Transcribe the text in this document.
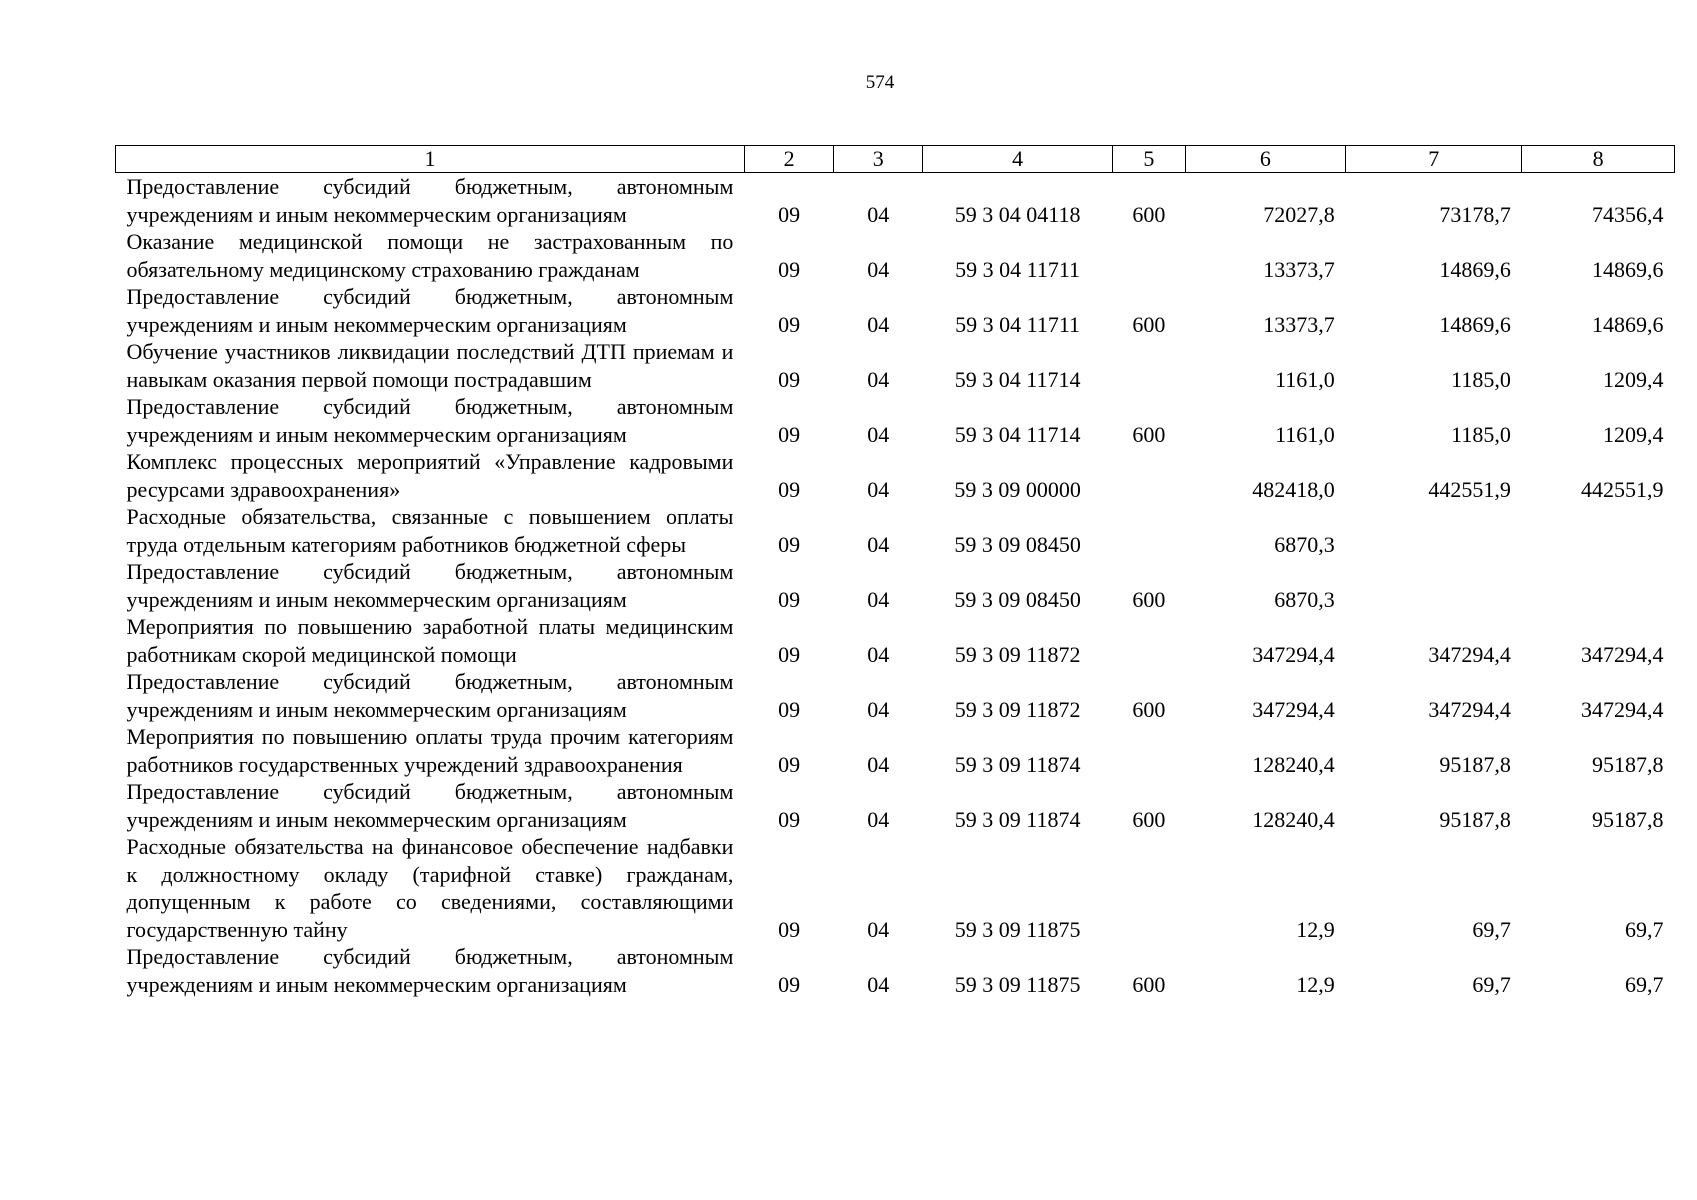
574
1	2	3	4	5	6	7	8
Предоставление субсидий бюджетным, автономным учреждениям и иным некоммерческим организациям	09	04	59 3 04 04118	600	72027,8	73178,7	74356,4
Оказание медицинской помощи не застрахованным по обязательному медицинскому страхованию гражданам	09	04	59 3 04 11711		13373,7	14869,6	14869,6
Предоставление субсидий бюджетным, автономным учреждениям и иным некоммерческим организациям	09	04	59 3 04 11711	600	13373,7	14869,6	14869,6
Обучение участников ликвидации последствий ДТП приемам и навыкам оказания первой помощи пострaдавшим	09	04	59 3 04 11714		1161,0	1185,0	1209,4
Предоставление субсидий бюджетным, автономным учреждениям и иным некоммерческим организациям	09	04	59 3 04 11714	600	1161,0	1185,0	1209,4
Комплекс процессных мероприятий «Управление кадровыми ресурсами здравоохранения»	09	04	59 3 09 00000		482418,0	442551,9	442551,9
Расходные обязательства, связанные с повышением оплаты труда отдельным категориям работников бюджетной сферы	09	04	59 3 09 08450		6870,3		
Предоставление субсидий бюджетным, автономным учреждениям и иным некоммерческим организациям	09	04	59 3 09 08450	600	6870,3		
Мероприятия по повышению заработной платы медицинским работникам скорой медицинской помощи	09	04	59 3 09 11872		347294,4	347294,4	347294,4
Предоставление субсидий бюджетным, автономным учреждениям и иным некоммерческим организациям	09	04	59 3 09 11872	600	347294,4	347294,4	347294,4
Мероприятия по повышению оплаты труда прочим категориям работников государственных учреждений здравоохранения	09	04	59 3 09 11874		128240,4	95187,8	95187,8
Предоставление субсидий бюджетным, автономным учреждениям и иным некоммерческим организациям	09	04	59 3 09 11874	600	128240,4	95187,8	95187,8
Расходные обязательства на финансовое обеспечение надбавки к должностному окладу (тарифной ставке) гражданам, допущенным к работе со сведениями, составляющими государственную тайну	09	04	59 3 09 11875		12,9	69,7	69,7
Предоставление субсидий бюджетным, автономным учреждениям и иным некоммерческим организациям	09	04	59 3 09 11875	600	12,9	69,7	69,7
